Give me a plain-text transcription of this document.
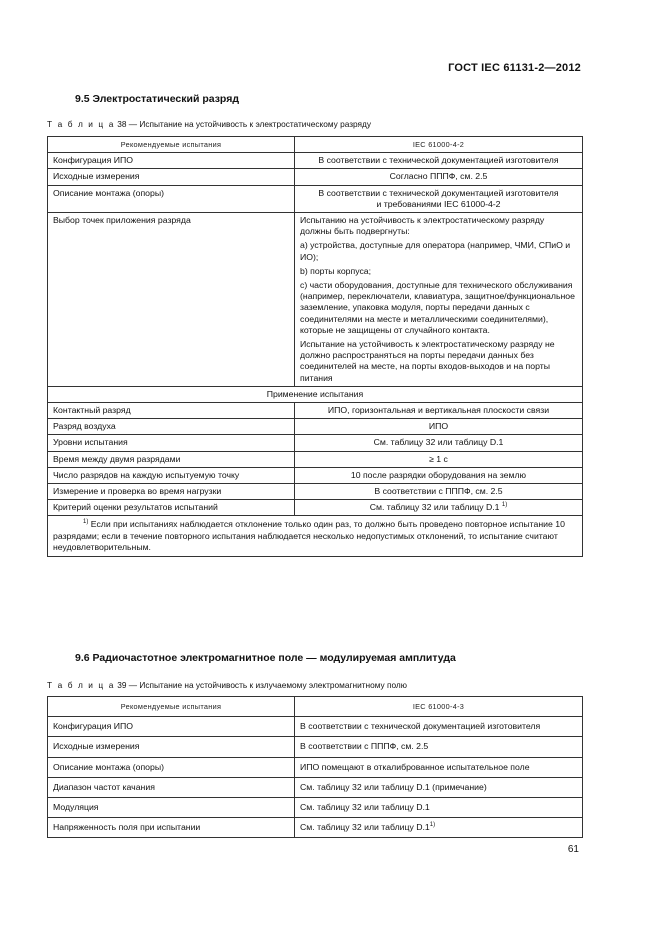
ГОСТ IEC 61131-2—2012
9.5 Электростатический разряд
Т а б л и ц а 38 — Испытание на устойчивость к электростатическому разряду
Рекомендуемые испытания	IEC 61000-4-2
Конфигурация ИПО	В соответствии с технической документацией изготовителя
Исходные измерения	Согласно ПППФ, см. 2.5
Описание монтажа (опоры)	В соответствии с технической документацией изготовителя
и требованиями IEC 61000-4-2

Выбор точек приложения разряда	Испытанию на устойчивость к электростатическому разряду должны быть подвергнуты:
a) устройства, доступные для оператора (например, ЧМИ, СПиО и ИО);
b) порты корпуса;
c) части оборудования, доступные для технического обслуживания (например, переключатели, клавиатура, защитное/функциональное заземление, упаковка модуля, порты передачи данных с соединителями на месте и металлическими соединителями), которые не защищены от случайного контакта.
Испытание на устойчивость к электростатическому разряду не должно распространяться на порты передачи данных без соединителей на месте, на порты входов-выходов и на порты питания

Применение испытания	
Контактный разряд	ИПО, горизонтальная и вертикальная плоскости связи
Разряд воздуха	ИПО
Уровни испытания	См. таблицу 32 или таблицу D.1
Время между двумя разрядами	≥ 1 с
Число разрядов на каждую испытуемую точку	10 после разрядки оборудования на землю
Измерение и проверка во время нагрузки	В соответствии с ПППФ, см. 2.5
Критерий оценки результатов испытаний	См. таблицу 32 или таблицу D.1 $^{1)}$
$^{1)}$ Если при испытаниях наблюдается отклонение только один раз, то должно быть проведено повторное испытание 10 разрядами; если в течение повторного испытания наблюдается несколько недопустимых отклонений, то испытание считают неудовлетворительным.	
9.6 Радиочастотное электромагнитное поле — модулируемая амплитуда
Т а б л и ц а 39 — Испытание на устойчивость к излучаемому электромагнитному полю
Рекомендуемые испытания	IEC 61000-4-3
Конфигурация ИПО	В соответствии с технической документацией изготовителя
Исходные измерения	В соответствии с ПППФ, см. 2.5
Описание монтажа (опоры)	ИПО помещают в откалиброванное испытательное поле
Диапазон частот качания	См. таблицу 32 или таблицу D.1 (примечание)
Модуляция	См. таблицу 32 или таблицу D.1
Напряженность поля при испытании	См. таблицу 32 или таблицу D.1$^{1)}$
61
